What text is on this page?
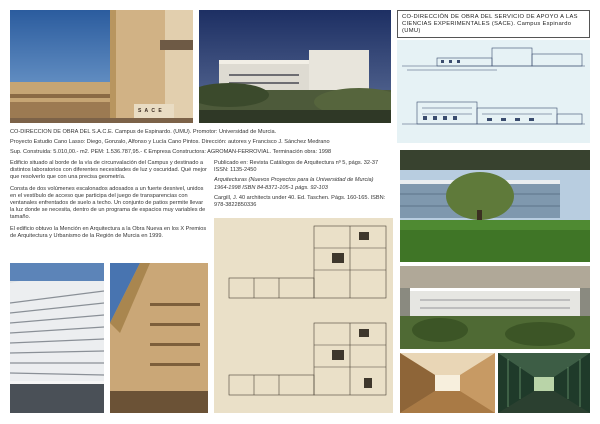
S A C E
CO-DIRECCIÓN DE OBRA DEL SERVICIO DE APOYO A LAS CIENCIAS EXPERIMENTALES (SACE). Campus Espinardo (UMU)

CO-DIRECCIÓN DE OBRA DEL S.A.C.E. Campus de Espinardo. (UMU). Promotor: Universidad de Murcia.

Proyecto Estudio Cano Lasso: Diego, Gonzalo, Alfonso y Lucía Cano Pintos. Dirección: autores y Francisco J. Sánchez Medrano

Sup. Construida: 5.010,00.- m2. PEM: 1.536.787,95.- € Empresa Constructora: AGROMAN-FERROVIAL. Terminación obra: 1998

Edificio situado al borde de la vía de circunvalación del Campus y destinado a distintos laboratorios con diferentes necesidades de luz y oscuridad. Qué mejor que resolverlo que con una precisa geometría.

Consta de dos volúmenes escalonados adosados a un fuerte desnivel, unidos en el vestíbulo de acceso que participa del juego de transparencias con ventanales enfrentados de suelo a techo. Un conjunto de patios permite llevar la luz donde se necesita, dentro de un programa de espacios muy variables de tamaño.

El edificio obtuvo la Mención en Arquitectura a la Obra Nueva en los X Premios de Arquitectura y Urbanismo de la Región de Murcia en 1999.

Publicado en: Revista Catálogos de Arquitectura nº 5, págs. 32-37 ISSN: 1135-2450

Arquitecturas (Nuevos Proyectos para la Universidad de Murcia) 1964-1998 ISBN 84-8371-105-1 págs. 92-103

Cargill, J. 40 architects under 40. Ed. Taschen. Págs. 160-165. ISBN: 978-3822850336
